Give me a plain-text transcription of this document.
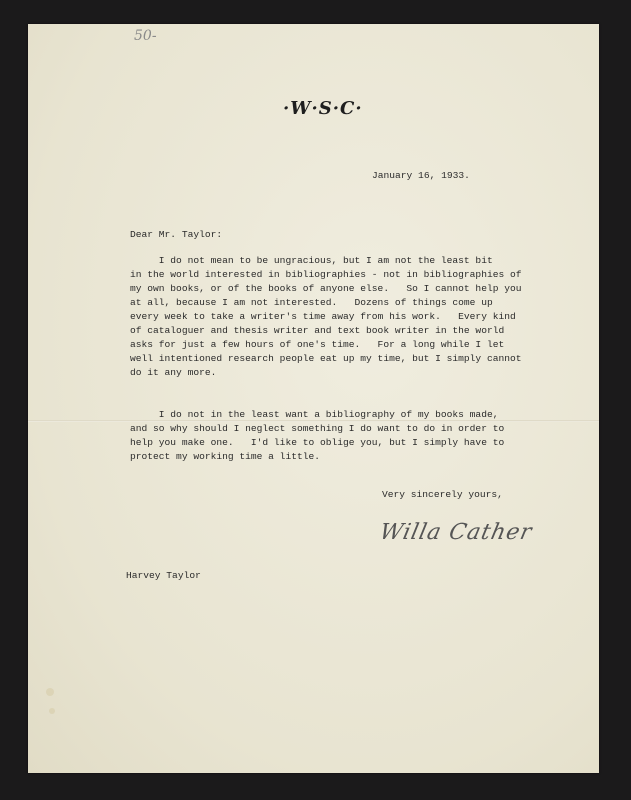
50-
·W·S·C·
January 16, 1933.
Dear Mr. Taylor:
I do not mean to be ungracious, but I am not the least bit
in the world interested in bibliographies - not in bibliographies of
my own books, or of the books of anyone else.   So I cannot help you
at all, because I am not interested.   Dozens of things come up
every week to take a writer's time away from his work.   Every kind
of cataloguer and thesis writer and text book writer in the world
asks for just a few hours of one's time.   For a long while I let
well intentioned research people eat up my time, but I simply cannot
do it any more.
I do not in the least want a bibliography of my books made,
and so why should I neglect something I do want to do in order to
help you make one.   I'd like to oblige you, but I simply have to
protect my working time a little.
Very sincerely yours,
Willa Cather
Harvey Taylor
